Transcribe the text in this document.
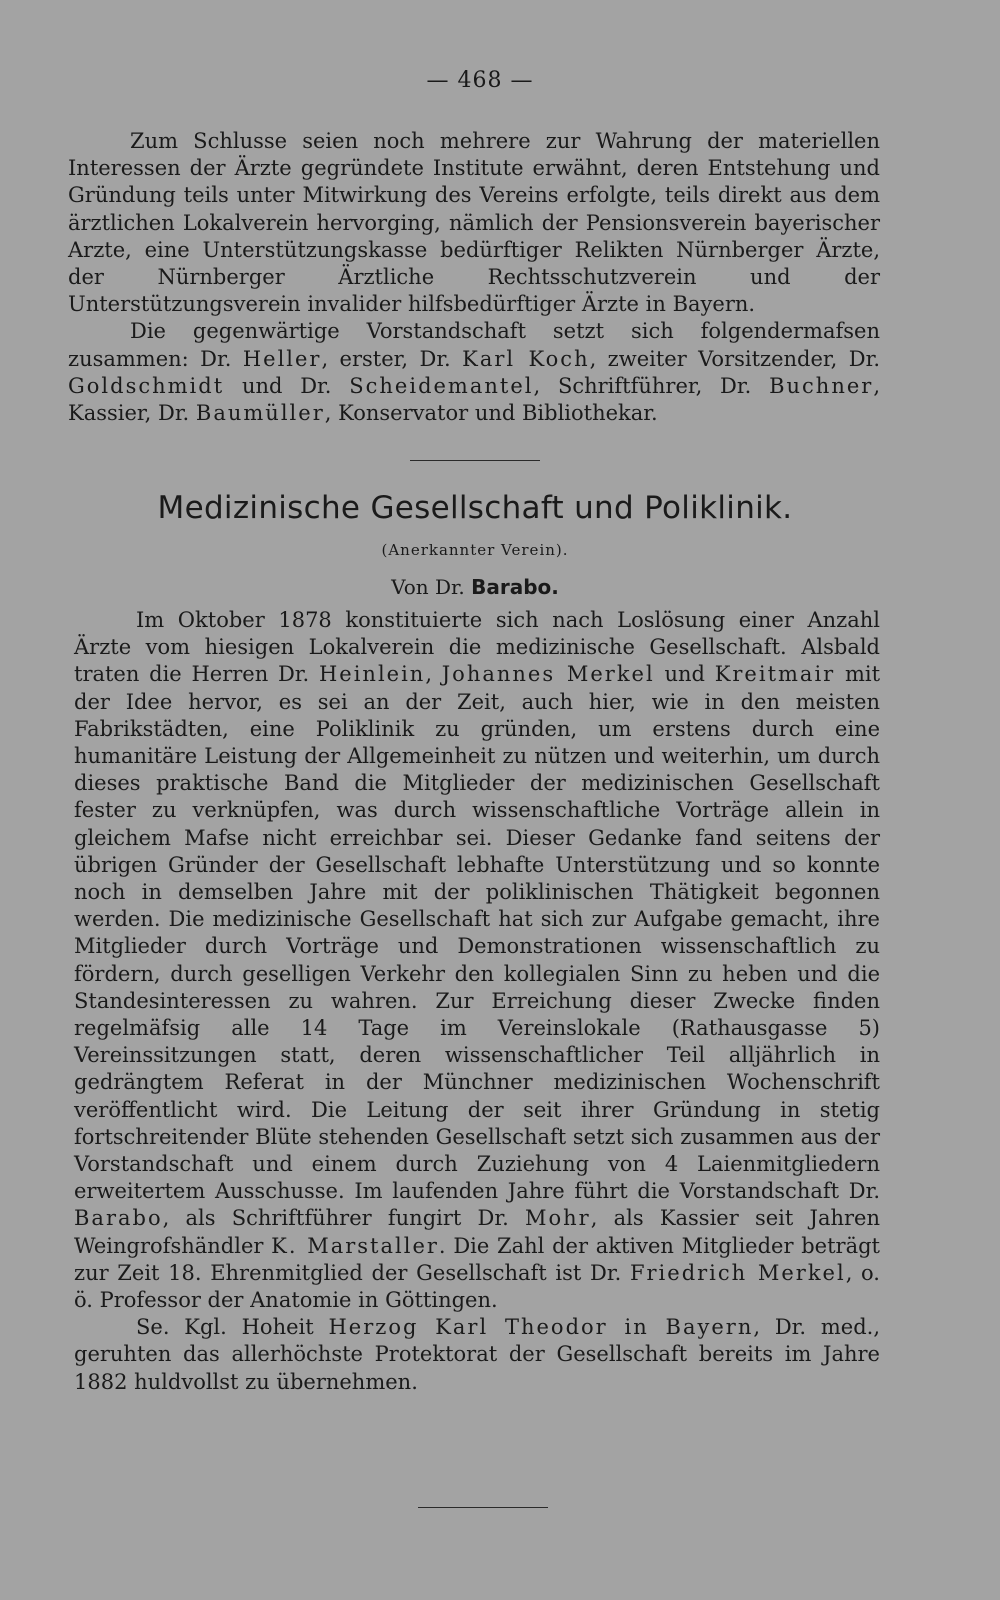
— 468 —

Zum Schlusse seien noch mehrere zur Wahrung der materiellen Interessen der Ärzte gegründete Institute erwähnt, deren Entstehung und Gründung teils unter Mitwirkung des Vereins erfolgte, teils direkt aus dem ärztlichen Lokalverein hervorging, nämlich der Pensionsverein bayerischer Arzte, eine Unterstützungskasse bedürftiger Relikten Nürnberger Ärzte, der Nürnberger Ärztliche Rechtsschutzverein und der Unterstützungsverein invalider hilfsbedürftiger Ärzte in Bayern.

Die gegenwärtige Vorstandschaft setzt sich folgendermafsen zusammen: Dr. Heller, erster, Dr. Karl Koch, zweiter Vorsitzender, Dr. Goldschmidt und Dr. Scheidemantel, Schriftführer, Dr. Buchner, Kassier, Dr. Baumüller, Konservator und Bibliothekar.

Medizinische Gesellschaft und Poliklinik.
(Anerkannter Verein).
Von Dr. Barabo.

Im Oktober 1878 konstituierte sich nach Loslösung einer Anzahl Ärzte vom hiesigen Lokalverein die medizinische Gesellschaft. Alsbald traten die Herren Dr. Heinlein, Johannes Merkel und Kreitmair mit der Idee hervor, es sei an der Zeit, auch hier, wie in den meisten Fabrikstädten, eine Poliklinik zu gründen, um erstens durch eine humanitäre Leistung der Allgemeinheit zu nützen und weiterhin, um durch dieses praktische Band die Mitglieder der medizinischen Gesellschaft fester zu verknüpfen, was durch wissenschaftliche Vorträge allein in gleichem Mafse nicht erreichbar sei. Dieser Gedanke fand seitens der übrigen Gründer der Gesellschaft lebhafte Unterstützung und so konnte noch in demselben Jahre mit der poliklinischen Thätigkeit begonnen werden. Die medizinische Gesellschaft hat sich zur Aufgabe gemacht, ihre Mitglieder durch Vorträge und Demonstrationen wissenschaftlich zu fördern, durch geselligen Verkehr den kollegialen Sinn zu heben und die Standesinteressen zu wahren. Zur Erreichung dieser Zwecke finden regelmäfsig alle 14 Tage im Vereinslokale (Rathausgasse 5) Vereinssitzungen statt, deren wissenschaftlicher Teil alljährlich in gedrängtem Referat in der Münchner medizinischen Wochenschrift veröffentlicht wird. Die Leitung der seit ihrer Gründung in stetig fortschreitender Blüte stehenden Gesellschaft setzt sich zusammen aus der Vorstandschaft und einem durch Zuziehung von 4 Laienmitgliedern erweitertem Ausschusse. Im laufenden Jahre führt die Vorstandschaft Dr. Barabo, als Schriftführer fungirt Dr. Mohr, als Kassier seit Jahren Weingrofshändler K. Marstaller. Die Zahl der aktiven Mitglieder beträgt zur Zeit 18. Ehrenmitglied der Gesellschaft ist Dr. Friedrich Merkel, o. ö. Professor der Anatomie in Göttingen.

Se. Kgl. Hoheit Herzog Karl Theodor in Bayern, Dr. med., geruhten das allerhöchste Protektorat der Gesellschaft bereits im Jahre 1882 huldvollst zu übernehmen.
